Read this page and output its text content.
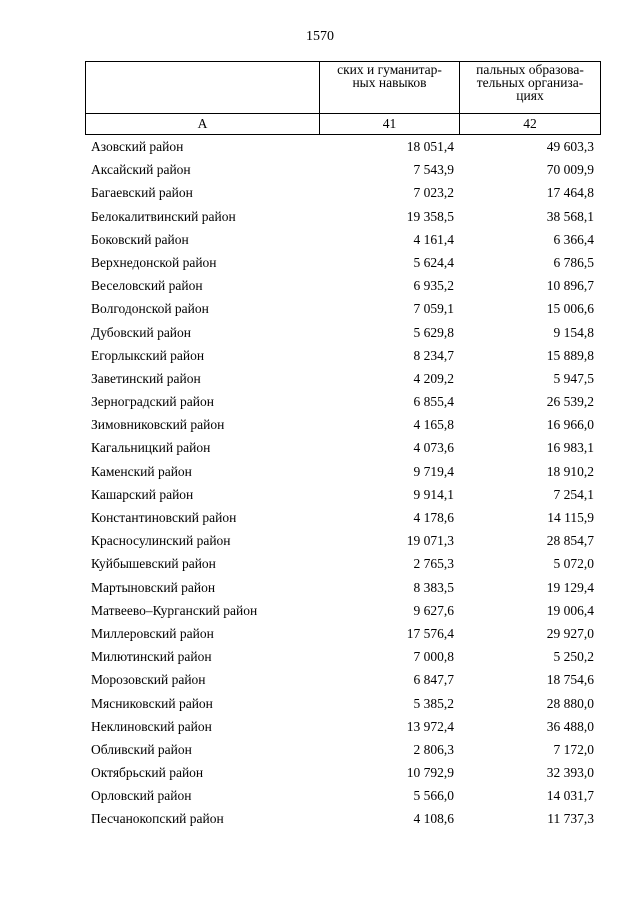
1570
	ских и гуманитар-
ных навыков	пальных образова-
тельных организа-
циях
А	41	42
Азовский район	18 051,4	49 603,3
Аксайский район	7 543,9	70 009,9
Багаевский район	7 023,2	17 464,8
Белокалитвинский район	19 358,5	38 568,1
Боковский район	4 161,4	6 366,4
Верхнедонской район	5 624,4	6 786,5
Веселовский район	6 935,2	10 896,7
Волгодонской район	7 059,1	15 006,6
Дубовский район	5 629,8	9 154,8
Егорлыкский район	8 234,7	15 889,8
Заветинский район	4 209,2	5 947,5
Зерноградский район	6 855,4	26 539,2
Зимовниковский район	4 165,8	16 966,0
Кагальницкий район	4 073,6	16 983,1
Каменский район	9 719,4	18 910,2
Кашарский район	9 914,1	7 254,1
Константиновский район	4 178,6	14 115,9
Красносулинский район	19 071,3	28 854,7
Куйбышевский район	2 765,3	5 072,0
Мартыновский район	8 383,5	19 129,4
Матвеево–Курганский район	9 627,6	19 006,4
Миллеровский район	17 576,4	29 927,0
Милютинский район	7 000,8	5 250,2
Морозовский район	6 847,7	18 754,6
Мясниковский район	5 385,2	28 880,0
Неклиновский район	13 972,4	36 488,0
Обливский район	2 806,3	7 172,0
Октябрьский район	10 792,9	32 393,0
Орловский район	5 566,0	14 031,7
Песчанокопский район	4 108,6	11 737,3
